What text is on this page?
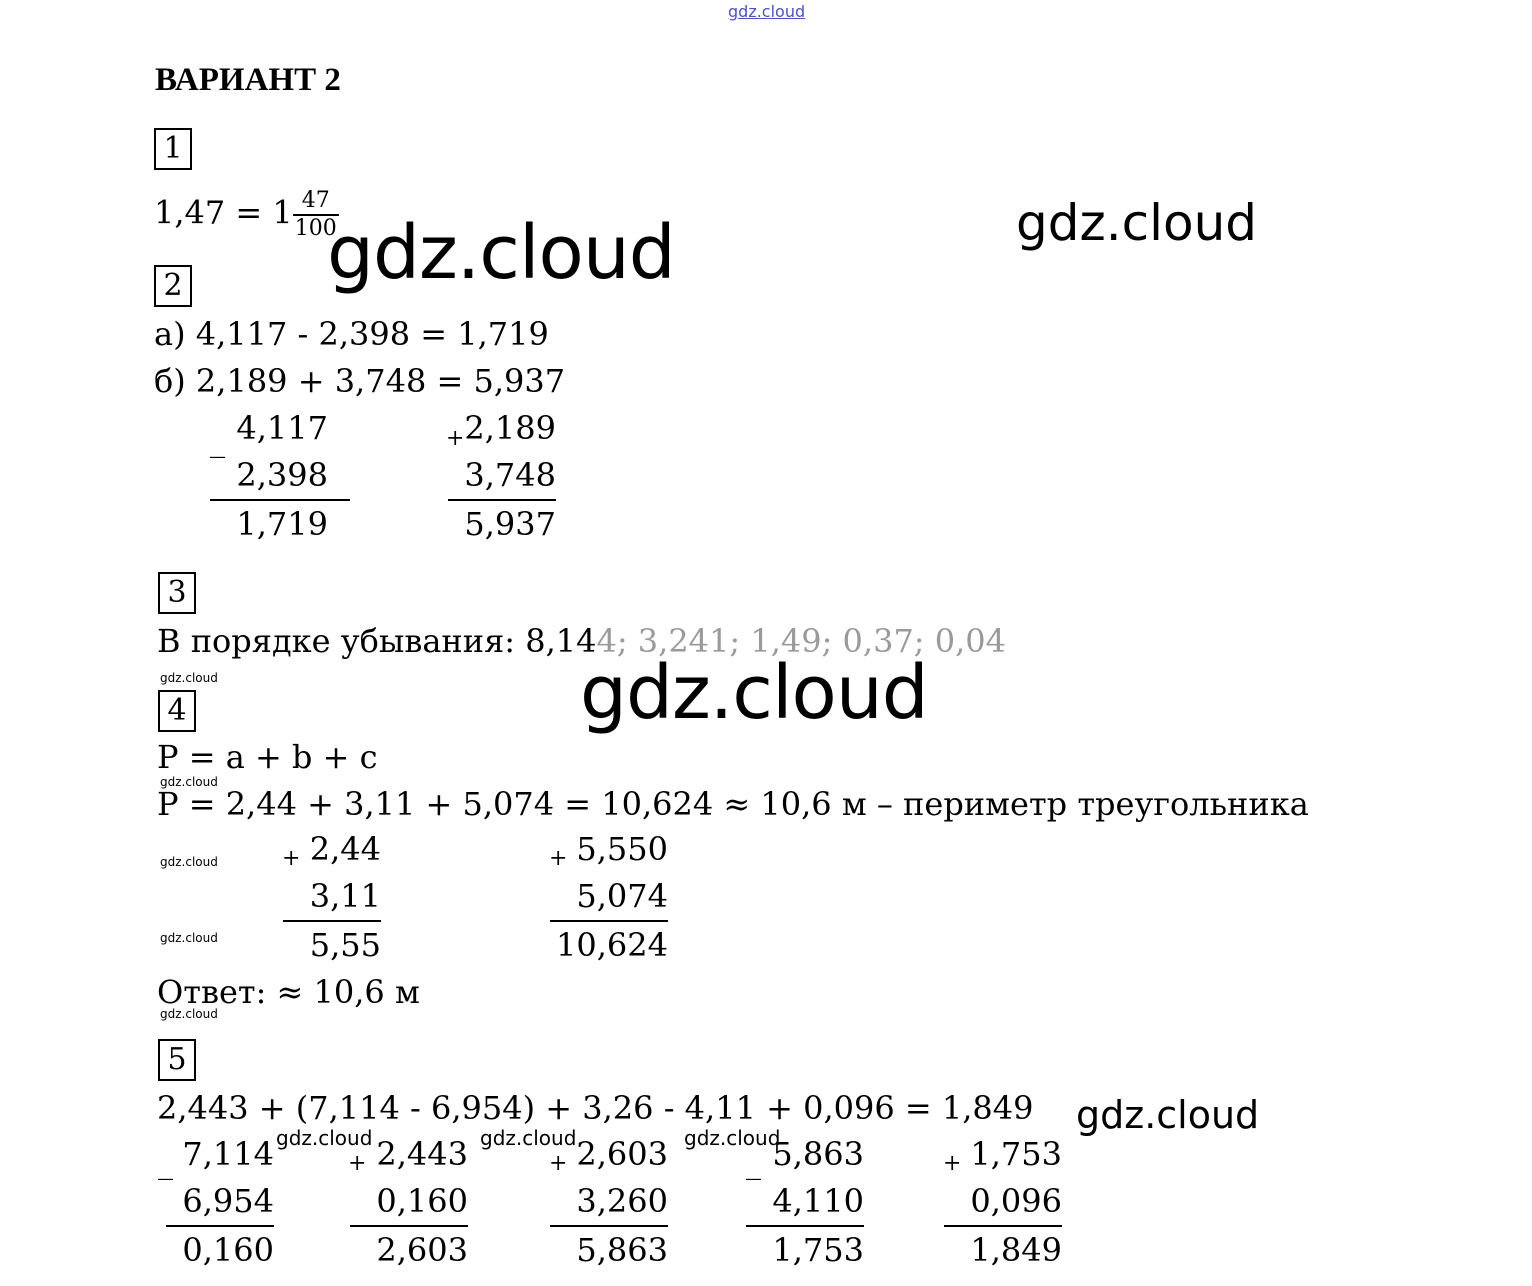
gdz.cloud
ВАРИАНТ 2
1
$1,47 = 1 \frac{47}{100}$
gdz.cloud	gdz.cloud
2
а) 4,117 - 2,398 = 1,719
б) 2,189 + 3,748 = 5,937
_ 4,117
2,398
1,719
+ 2,189
3,748
5,937
3
В порядке убывания: 8,144; 3,241; 1,49; 0,37; 0,04
gdz.cloud	gdz.cloud
4
P = a + b + c
gdz.cloud
P = 2,44 + 3,11 + 5,074 = 10,624 ≈ 10,6 м – периметр треугольника
gdz.cloud
gdz.cloud
+ 2,44
3,11
5,55
+ 5,550
5,074
10,624
Ответ: ≈ 10,6 м
gdz.cloud
5
2,443 + (7,114 - 6,954) + 3,26 - 4,11 + 0,096 = 1,849 gdz.cloud
gdz.cloud	gdz.cloud	gdz.cloud
_ 7,114
6,954
0,160
+ 2,443
0,160
2,603
+ 2,603
3,260
5,863
_ 5,863
4,110
1,753
+ 1,753
0,096
1,849
